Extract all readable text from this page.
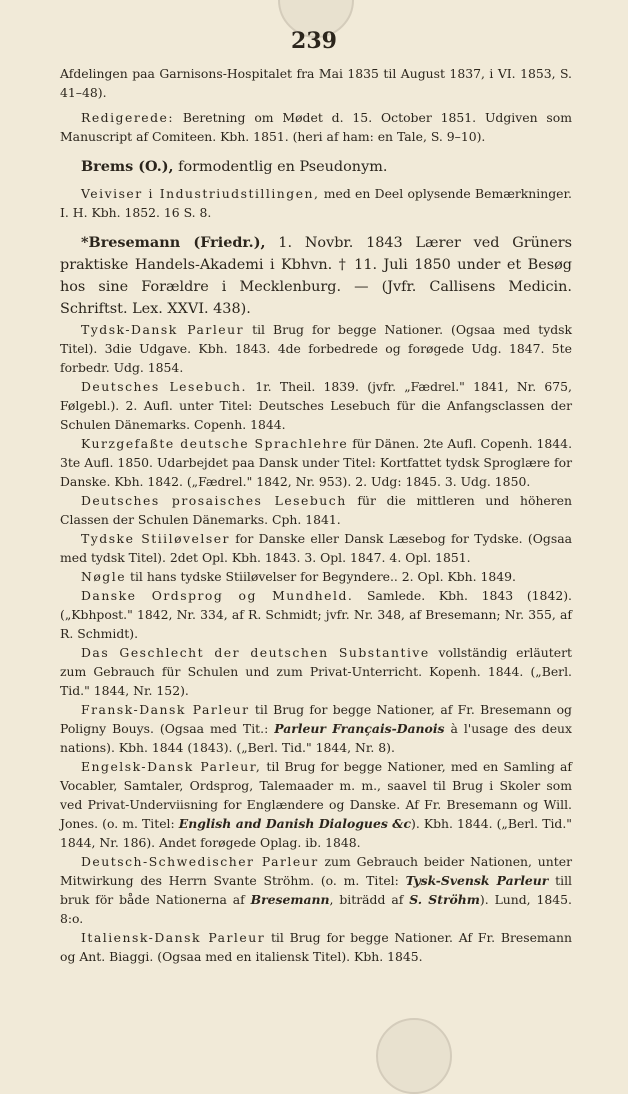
239

Afdelingen paa Garnisons-Hospitalet fra Mai 1835 til August 1837, i VI. 1853, S. 41–48).

Redigerede: Beretning om Mødet d. 15. October 1851. Udgiven som Manuscript af Comiteen. Kbh. 1851. (heri af ham: en Tale, S. 9–10).

Brems (O.), formodentlig en Pseudonym.

Veiviser i Industriudstillingen, med en Deel oplysende Bemærkninger. I. H. Kbh. 1852. 16 S. 8.

*Bresemann (Friedr.), 1. Novbr. 1843 Lærer ved Grüners praktiske Handels-Akademi i Kbhvn. † 11. Juli 1850 under et Besøg hos sine Forældre i Mecklenburg. — (Jvfr. Callisens Medicin. Schriftst. Lex. XXVI. 438).

Tydsk-Dansk Parleur til Brug for begge Nationer. (Ogsaa med tydsk Titel). 3die Udgave. Kbh. 1843. 4de forbedrede og forøgede Udg. 1847. 5te forbedr. Udg. 1854.

Deutsches Lesebuch. 1r. Theil. 1839. (jvfr. „Fædrel." 1841, Nr. 675, Følgebl.). 2. Aufl. unter Titel: Deutsches Lesebuch für die Anfangsclassen der Schulen Dänemarks. Copenh. 1844.

Kurzgefaßte deutsche Sprachlehre für Dänen. 2te Aufl. Copenh. 1844. 3te Aufl. 1850. Udarbejdet paa Dansk under Titel: Kortfattet tydsk Sproglære for Danske. Kbh. 1842. („Fædrel." 1842, Nr. 953). 2. Udg: 1845. 3. Udg. 1850.

Deutsches prosaisches Lesebuch für die mittleren und höheren Classen der Schulen Dänemarks. Cph. 1841.

Tydske Stiiløvelser for Danske eller Dansk Læsebog for Tydske. (Ogsaa med tydsk Titel). 2det Opl. Kbh. 1843. 3. Opl. 1847. 4. Opl. 1851.

Nøgle til hans tydske Stiiløvelser for Begyndere.. 2. Opl. Kbh. 1849.

Danske Ordsprog og Mundheld. Samlede. Kbh. 1843 (1842). („Kbhpost." 1842, Nr. 334, af R. Schmidt; jvfr. Nr. 348, af Bresemann; Nr. 355, af R. Schmidt).

Das Geschlecht der deutschen Substantive vollständig erläutert zum Gebrauch für Schulen und zum Privat-Unterricht. Kopenh. 1844. („Berl. Tid." 1844, Nr. 152).

Fransk-Dansk Parleur til Brug for begge Nationer, af Fr. Bresemann og Poligny Bouys. (Ogsaa med Tit.: Parleur Français-Danois à l'usage des deux nations). Kbh. 1844 (1843). („Berl. Tid." 1844, Nr. 8).

Engelsk-Dansk Parleur, til Brug for begge Nationer, med en Samling af Vocabler, Samtaler, Ordsprog, Talemaader m. m., saavel til Brug i Skoler som ved Privat-Underviisning for Englændere og Danske. Af Fr. Bresemann og Will. Jones. (o. m. Titel: English and Danish Dialogues &c). Kbh. 1844. („Berl. Tid." 1844, Nr. 186). Andet forøgede Oplag. ib. 1848.

Deutsch-Schwedischer Parleur zum Gebrauch beider Nationen, unter Mitwirkung des Herrn Svante Ströhm. (o. m. Titel: Tysk-Svensk Parleur till bruk för både Nationerna af Bresemann, biträdd af S. Ströhm). Lund, 1845. 8:o.

Italiensk-Dansk Parleur til Brug for begge Nationer. Af Fr. Bresemann og Ant. Biaggi. (Ogsaa med en italiensk Titel). Kbh. 1845.
